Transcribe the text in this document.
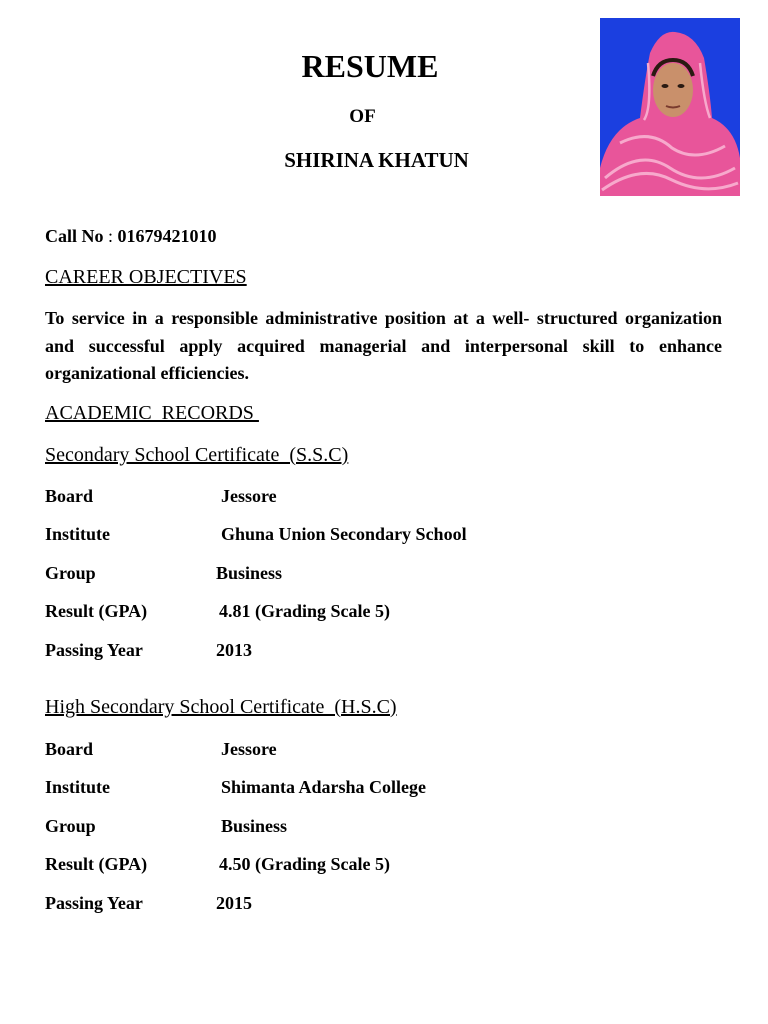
RESUME
OF
SHIRINA KHATUN
Call No : 01679421010
CAREER OBJECTIVES
To service in a responsible administrative position at a well- structured organization and successful apply acquired managerial and interpersonal skill to enhance organizational efficiencies.
ACADEMIC  RECORDS
Secondary School Certificate  (S.S.C)
Board	Jessore
Institute	Ghuna Union Secondary School
Group	Business
Result (GPA)	4.81 (Grading Scale 5)
Passing Year	2013
High Secondary School Certificate  (H.S.C)
Board	Jessore
Institute	Shimanta Adarsha College
Group	Business
Result (GPA)	4.50 (Grading Scale 5)
Passing Year	2015
